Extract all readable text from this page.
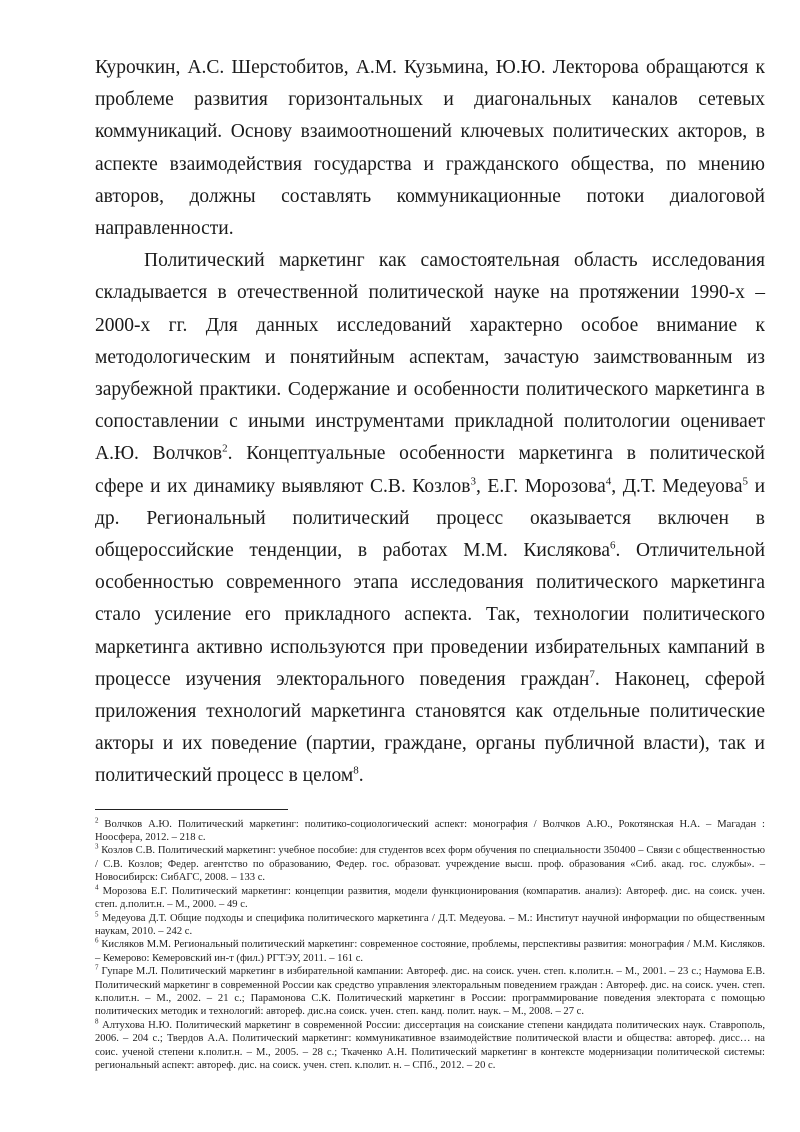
Курочкин, А.С. Шерстобитов, А.М. Кузьмина, Ю.Ю. Лекторова обращаются к проблеме развития горизонтальных и диагональных каналов сетевых коммуникаций. Основу взаимоотношений ключевых политических акторов, в аспекте взаимодействия государства и гражданского общества, по мнению авторов, должны составлять коммуникационные потоки диалоговой направленности.

Политический маркетинг как самостоятельная область исследования складывается в отечественной политической науке на протяжении 1990-х – 2000-х гг. Для данных исследований характерно особое внимание к методологическим и понятийным аспектам, зачастую заимствованным из зарубежной практики. Содержание и особенности политического маркетинга в сопоставлении с иными инструментами прикладной политологии оценивает А.Ю. Волчков$^2$. Концептуальные особенности маркетинга в политической сфере и их динамику выявляют С.В. Козлов$^3$, Е.Г. Морозова$^4$, Д.Т. Медеуова$^5$ и др. Региональный политический процесс оказывается включен в общероссийские тенденции, в работах М.М. Кислякова$^6$. Отличительной особенностью современного этапа исследования политического маркетинга стало усиление его прикладного аспекта. Так, технологии политического маркетинга активно используются при проведении избирательных кампаний в процессе изучения электорального поведения граждан$^7$. Наконец, сферой приложения технологий маркетинга становятся как отдельные политические акторы и их поведение (партии, граждане, органы публичной власти), так и политический процесс в целом$^8$.

$^2$ Волчков А.Ю. Политический маркетинг: политико-социологический аспект: монография / Волчков А.Ю., Рокотянская Н.А. – Магадан : Ноосфера, 2012. – 218 с.

$^3$ Козлов С.В. Политический маркетинг: учебное пособие: для студентов всех форм обучения по специальности 350400 – Связи с общественностью / С.В. Козлов; Федер. агентство по образованию, Федер. гос. образоват. учреждение высш. проф. образования «Сиб. акад. гос. службы». – Новосибирск: СибАГС, 2008. – 133 с.

$^4$ Морозова Е.Г. Политический маркетинг: концепции развития, модели функционирования (компаратив. анализ): Автореф. дис. на соиск. учен. степ. д.полит.н. – М., 2000. – 49 с.

$^5$ Медеуова Д.Т. Общие подходы и специфика политического маркетинга / Д.Т. Медеуова. – М.: Институт научной информации по общественным наукам, 2010. – 242 с.

$^6$ Кисляков М.М. Региональный политический маркетинг: современное состояние, проблемы, перспективы развития: монография / М.М. Кисляков. – Кемерово: Кемеровский ин-т (фил.) РГТЭУ, 2011. – 161 с.

$^7$ Гупаре М.Л. Политический маркетинг в избирательной кампании: Автореф. дис. на соиск. учен. степ. к.полит.н. – М., 2001. – 23 с.; Наумова Е.В. Политический маркетинг в современной России как средство управления электоральным поведением граждан : Автореф. дис. на соиск. учен. степ. к.полит.н. – М., 2002. – 21 с.; Парамонова С.К. Политический маркетинг в России: программирование поведения электората с помощью политических методик и технологий: автореф. дис.на соиск. учен. степ. канд. полит. наук. – М., 2008. – 27 с.

$^8$ Алтухова Н.Ю. Политический маркетинг в современной России: диссертация на соискание степени кандидата политических наук. Ставрополь, 2006. – 204 с.; Твердов А.А. Политический маркетинг: коммуникативное взаимодействие политической власти и общества: автореф. дисс… на соис. ученой степени к.полит.н. – М., 2005. – 28 с.; Ткаченко А.Н. Политический маркетинг в контексте модернизации политической системы: региональный аспект: автореф. дис. на соиск. учен. степ. к.полит. н. – СПб., 2012. – 20 с.
